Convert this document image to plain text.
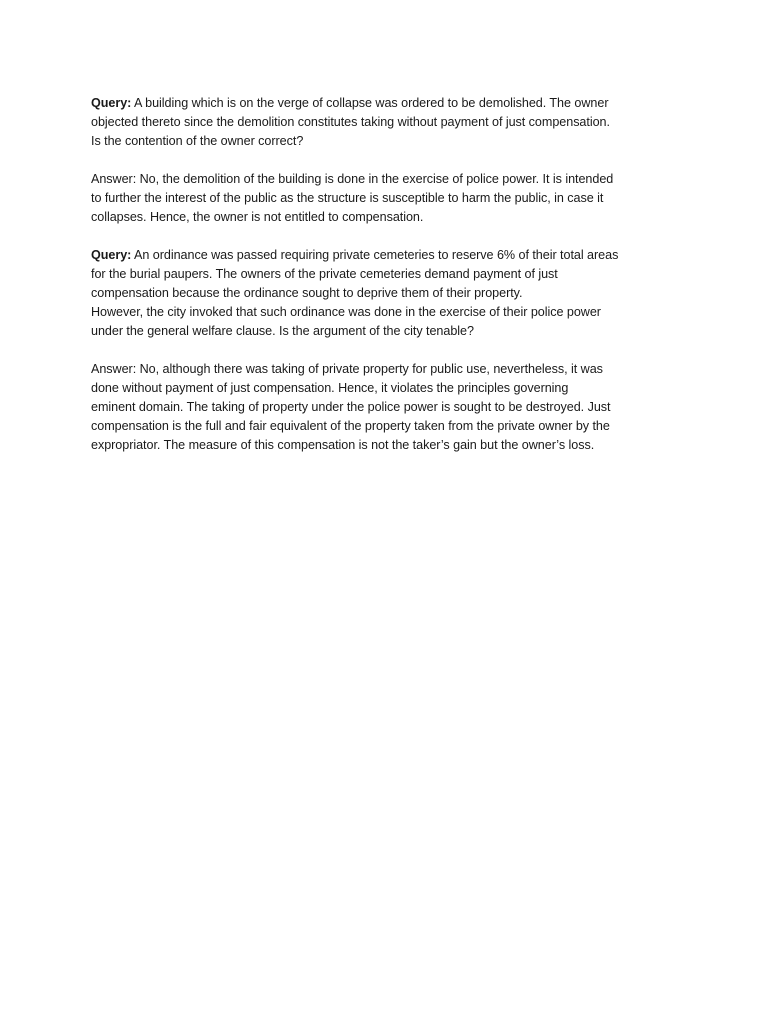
Query: A building which is on the verge of collapse was ordered to be demolished. The owner
objected thereto since the demolition constitutes taking without payment of just compensation.
Is the contention of the owner correct?

Answer: No, the demolition of the building is done in the exercise of police power. It is intended
to further the interest of the public as the structure is susceptible to harm the public, in case it
collapses. Hence, the owner is not entitled to compensation.

Query: An ordinance was passed requiring private cemeteries to reserve 6% of their total areas
for the burial paupers. The owners of the private cemeteries demand payment of just
compensation because the ordinance sought to deprive them of their property.
However, the city invoked that such ordinance was done in the exercise of their police power
under the general welfare clause. Is the argument of the city tenable?

Answer: No, although there was taking of private property for public use, nevertheless, it was
done without payment of just compensation. Hence, it violates the principles governing
eminent domain. The taking of property under the police power is sought to be destroyed. Just
compensation is the full and fair equivalent of the property taken from the private owner by the
expropriator. The measure of this compensation is not the taker’s gain but the owner’s loss.
